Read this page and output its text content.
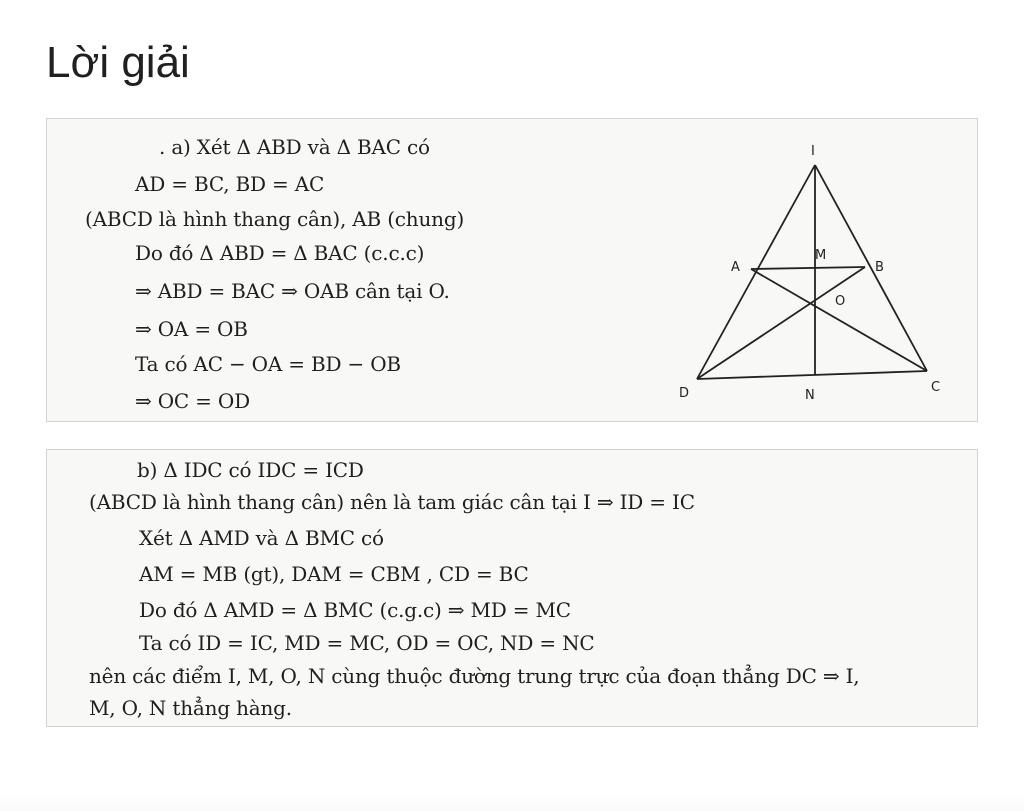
Lời giải
. a) Xét Δ ABD và Δ BAC có
AD = BC, BD = AC
(ABCD là hình thang cân), AB (chung)
Do đó Δ ABD = Δ BAC (c.c.c)
⇒ ABD = BAC ⇒ OAB cân tại O.
⇒ OA = OB
Ta có AC − OA = BD − OB
⇒ OC = OD
I
A
M
B
O
D	N
C
b) Δ IDC có IDC = ICD
(ABCD là hình thang cân) nên là tam giác cân tại I ⇒ ID = IC
Xét Δ AMD và Δ BMC có
AM = MB (gt), DAM = CBM , CD = BC
Do đó Δ AMD = Δ BMC (c.g.c) ⇒ MD = MC
Ta có ID = IC, MD = MC, OD = OC, ND = NC
nên các điểm I, M, O, N cùng thuộc đường trung trực của đoạn thẳng DC ⇒ I,
M, O, N thẳng hàng.
